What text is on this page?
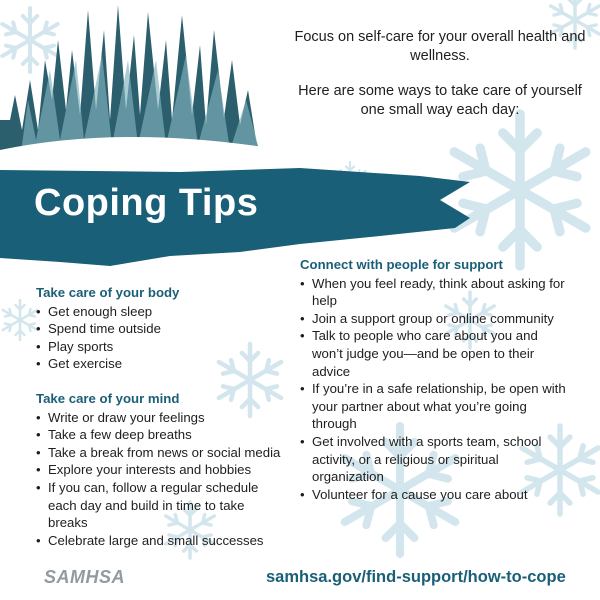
Focus on self-care for your overall health and wellness.

Here are some ways to take care of yourself one small way each day:

Coping Tips
Take care of your body
• Get enough sleep
• Spend time outside
• Play sports
• Get exercise
Take care of your mind
• Write or draw your feelings
• Take a few deep breaths
• Take a break from news or social media
• Explore your interests and hobbies
• If you can, follow a regular schedule each day and build in time to take breaks
• Celebrate large and small successes
Connect with people for support
• When you feel ready, think about asking for help
• Join a support group or online community
• Talk to people who care about you and won’t judge you—and be open to their advice
• If you’re in a safe relationship, be open with your partner about what you’re going through
• Get involved with a sports team, school activity, or a religious or spiritual organization
• Volunteer for a cause you care about
SAMHSA	samhsa.gov/find-support/how-to-cope
